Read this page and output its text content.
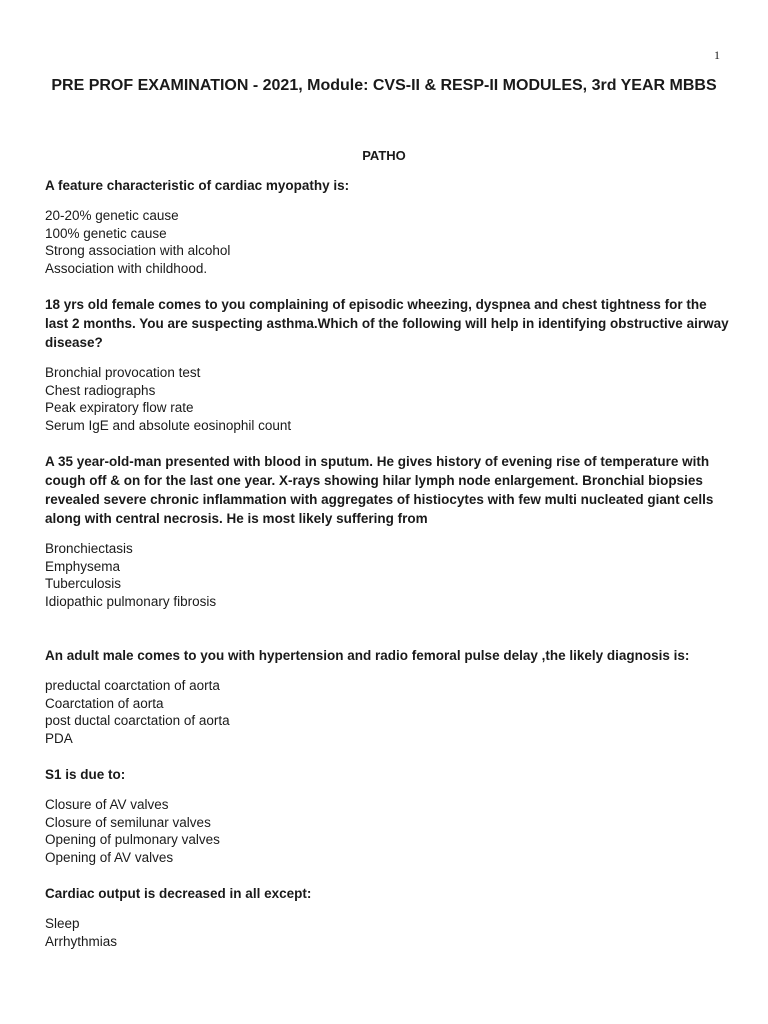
1
PRE PROF EXAMINATION - 2021, Module: CVS-II & RESP-II MODULES, 3rd YEAR MBBS
PATHO

A feature characteristic of cardiac myopathy is:

20-20% genetic cause

100% genetic cause

Strong association with alcohol

Association with childhood.

18 yrs old female comes to you complaining of episodic wheezing, dyspnea and chest tightness for the last 2 months. You are suspecting asthma.Which of the following will help in identifying obstructive airway disease?

Bronchial provocation test

Chest radiographs

Peak expiratory flow rate

Serum IgE and absolute eosinophil count

A 35 year-old-man presented with blood in sputum. He gives history of evening rise of temperature with cough off & on for the last one year. X-rays showing hilar lymph node enlargement. Bronchial biopsies revealed severe chronic inflammation with aggregates of histiocytes with few multi nucleated giant cells along with central necrosis. He is most likely suffering from

Bronchiectasis

Emphysema

Tuberculosis

Idiopathic pulmonary fibrosis

An adult male comes to you with hypertension and radio femoral pulse delay ,the likely diagnosis is:

preductal coarctation of aorta

Coarctation of aorta

post ductal coarctation of aorta

PDA

S1 is due to:

Closure of AV valves

Closure of semilunar valves

Opening of pulmonary valves

Opening of AV valves

Cardiac output is decreased in all except:

Sleep

Arrhythmias
